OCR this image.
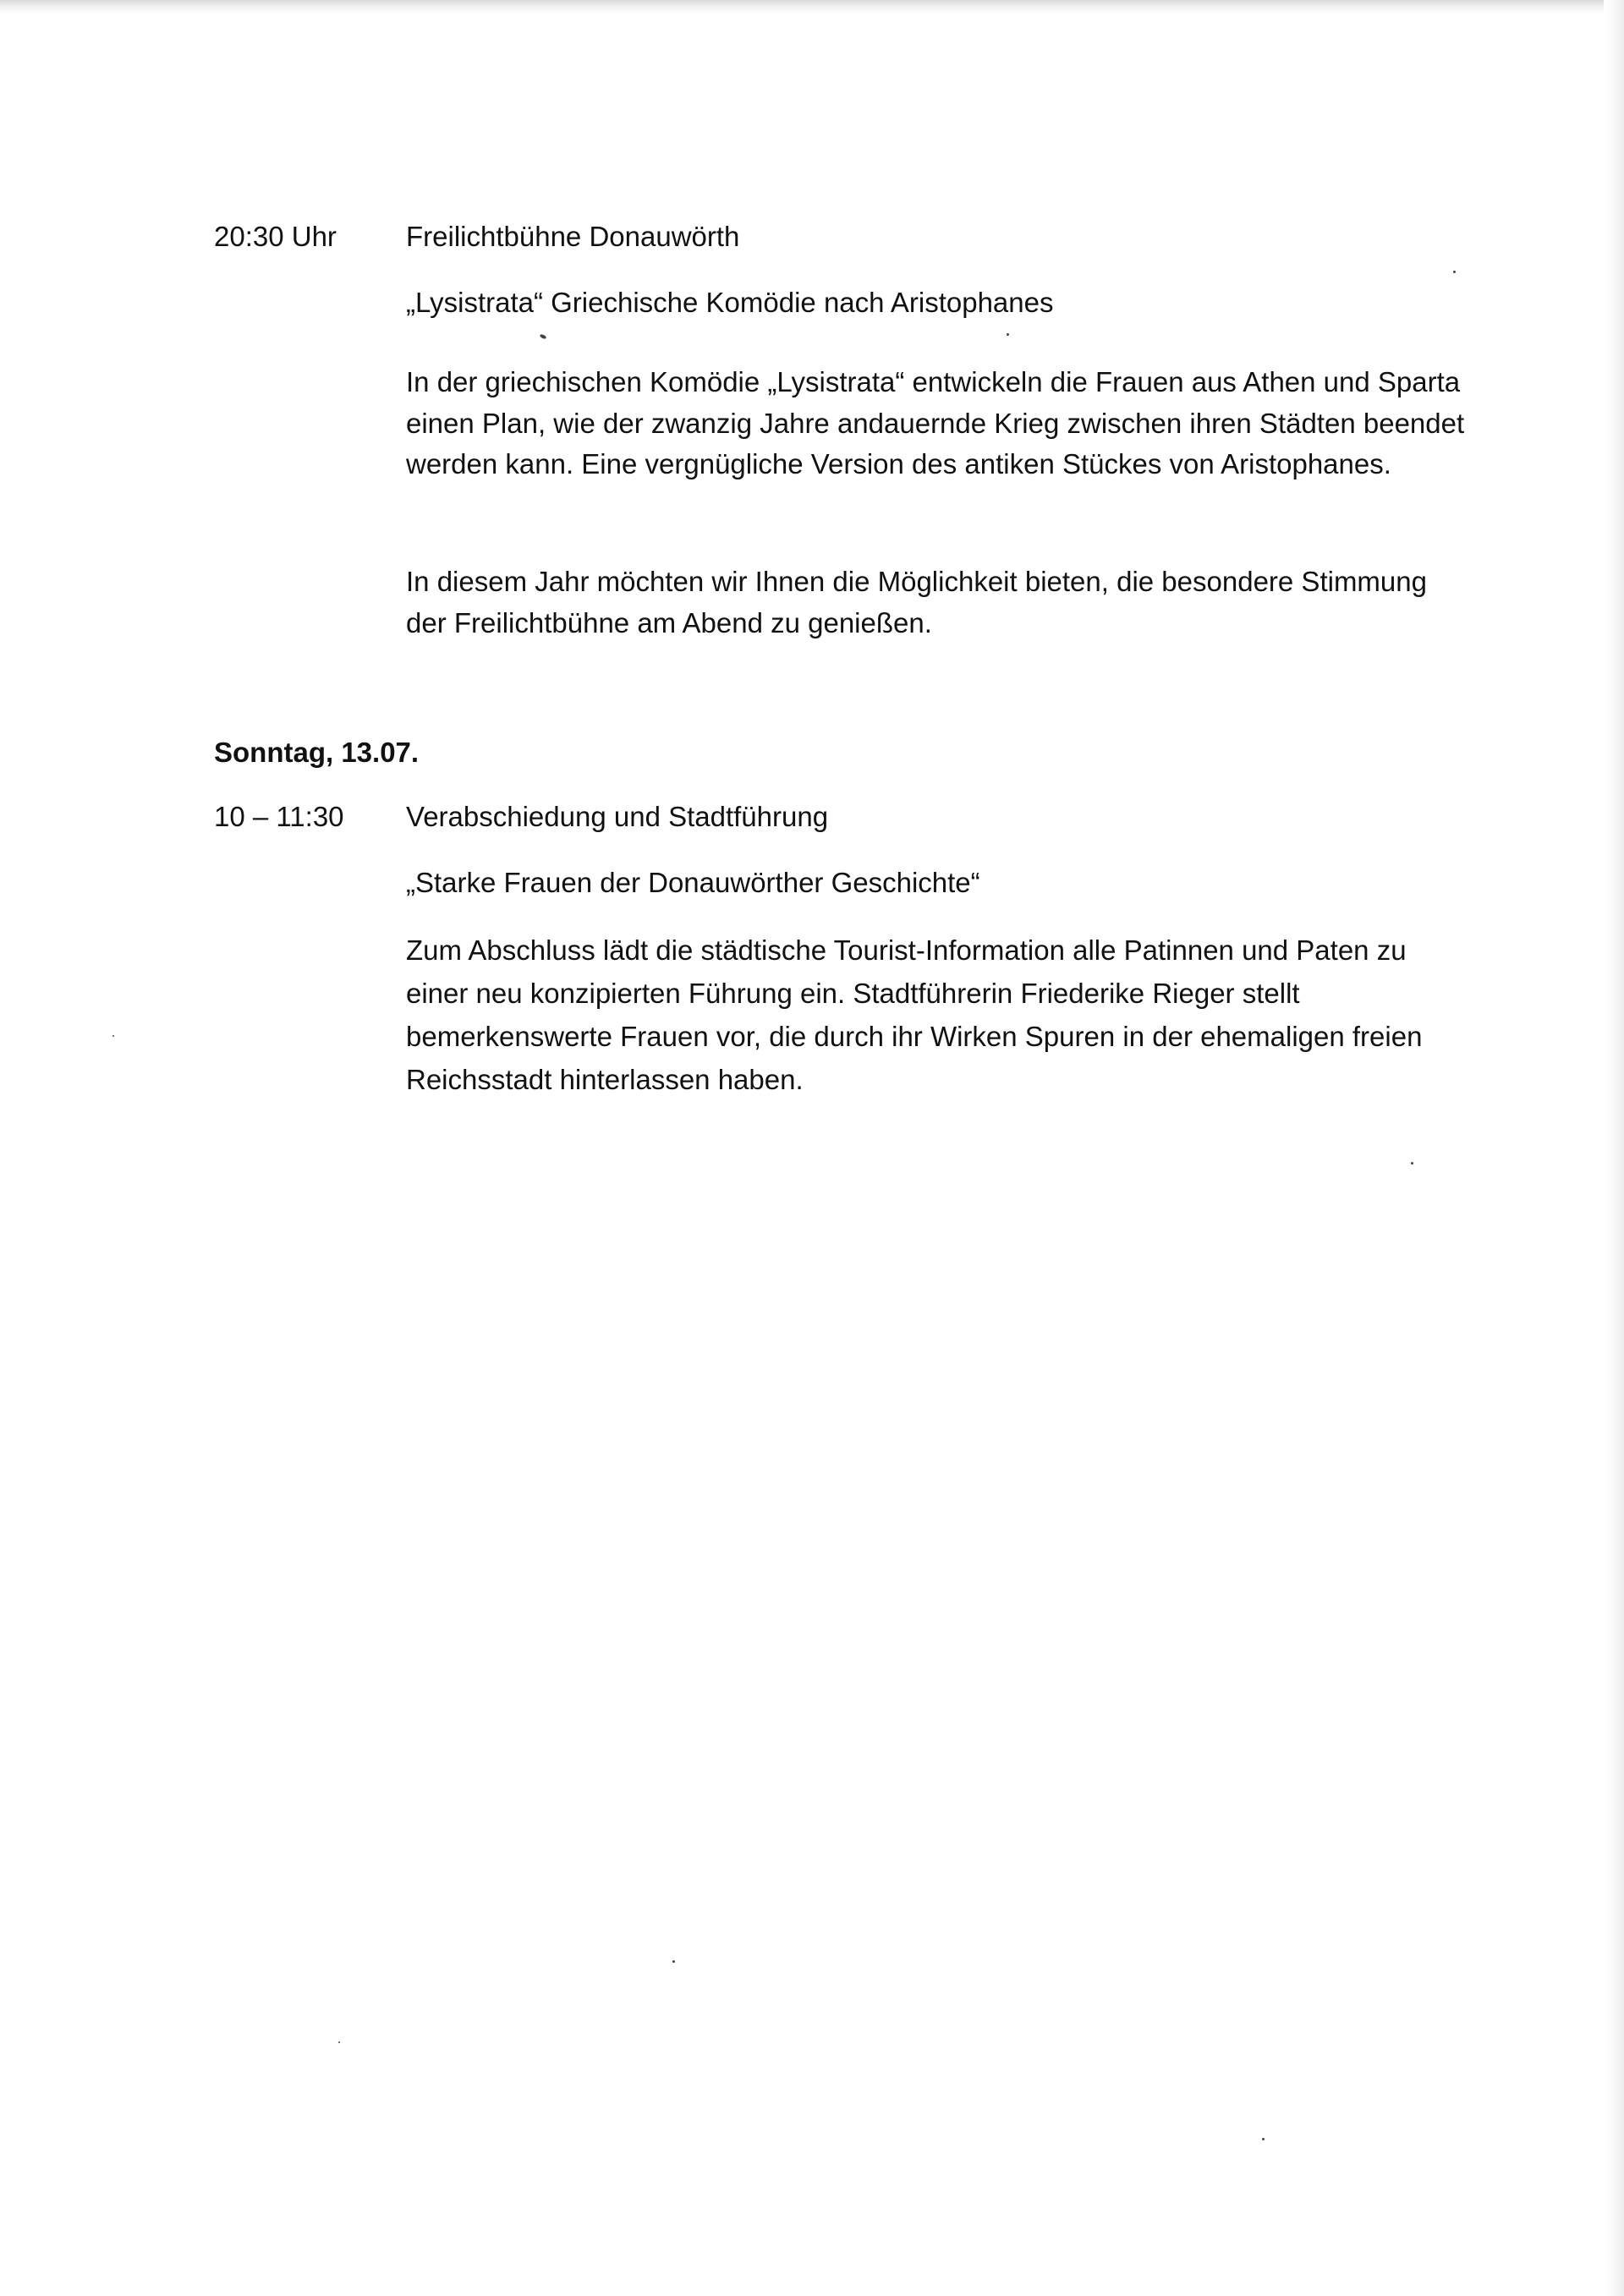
20:30 Uhr Freilichtbühne Donauwörth
„Lysistrata“ Griechische Komödie nach Aristophanes

In der griechischen Komödie „Lysistrata“ entwickeln die Frauen aus Athen und Sparta einen Plan, wie der zwanzig Jahre andauernde Krieg zwischen ihren Städten beendet werden kann. Eine vergnügliche Version des antiken Stückes von Aristophanes.

In diesem Jahr möchten wir Ihnen die Möglichkeit bieten, die besondere Stimmung der Freilichtbühne am Abend zu genießen.

Sonntag, 13.07.
10 – 11:30 Verabschiedung und Stadtführung
„Starke Frauen der Donauwörther Geschichte“

Zum Abschluss lädt die städtische Tourist-Information alle Patinnen und Paten zu einer neu konzipierten Führung ein. Stadtführerin Friederike Rieger stellt bemerkenswerte Frauen vor, die durch ihr Wirken Spuren in der ehemaligen freien Reichsstadt hinterlassen haben.
